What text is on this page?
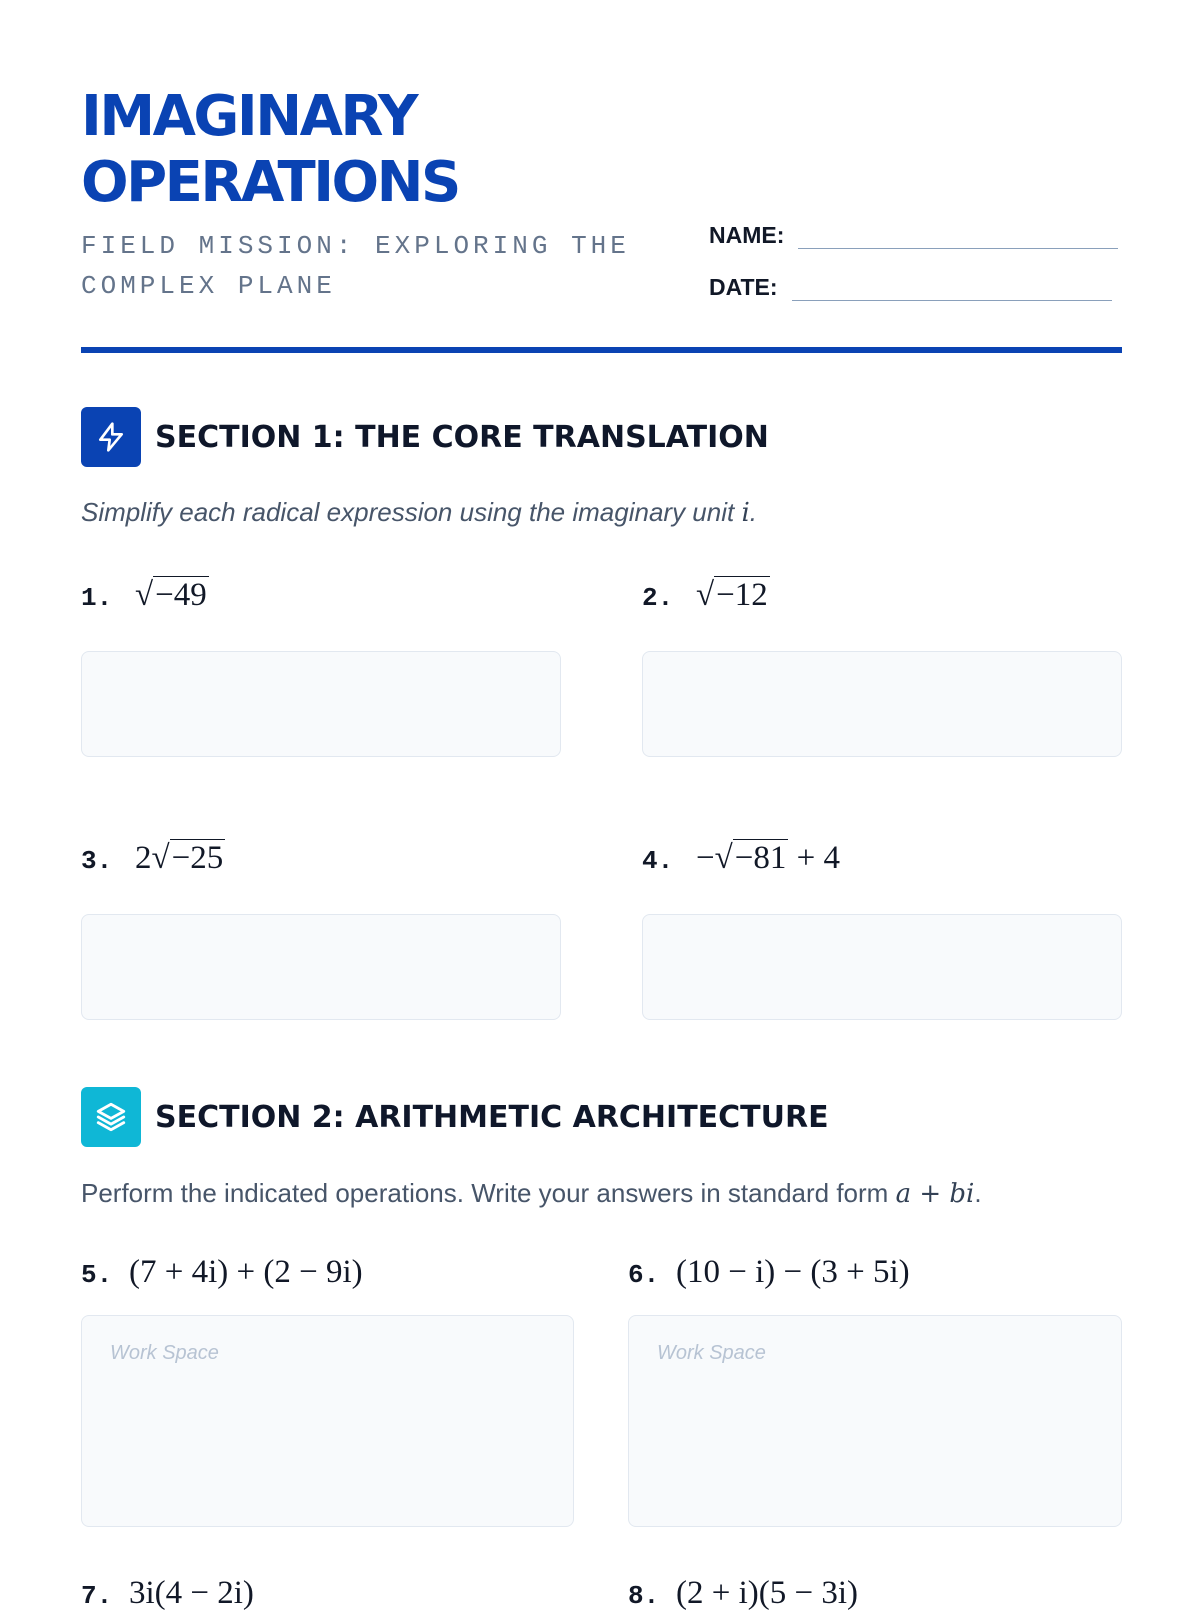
IMAGINARY
OPERATIONS
FIELD MISSION: EXPLORING THE COMPLEX PLANE
NAME:
DATE:
SECTION 1: THE CORE TRANSLATION
Simplify each radical expression using the imaginary unit i.
1. √−49	2. √−12
3. 2√−25	4. −√−81 + 4
SECTION 2: ARITHMETIC ARCHITECTURE
Perform the indicated operations. Write your answers in standard form a + bi.
5. (7 + 4i) + (2 − 9i)
Work Space
6. (10 − i) − (3 + 5i)
Work Space
7. 3i(4 − 2i)	8. (2 + i)(5 − 3i)
